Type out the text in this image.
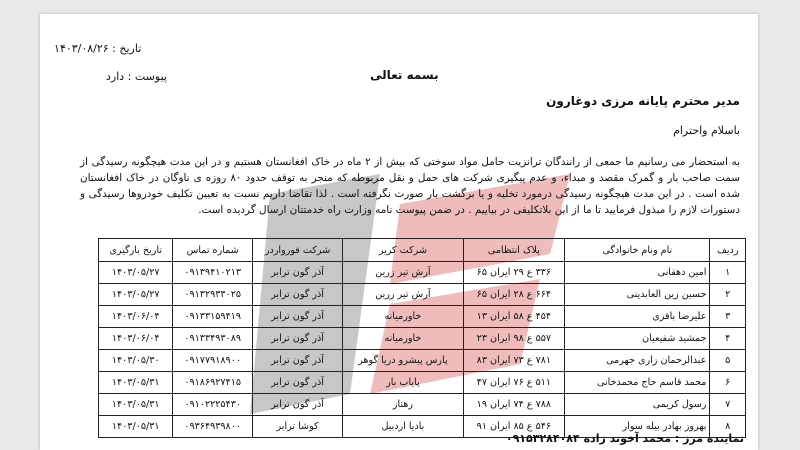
تاریخ : ۱۴۰۳/۰۸/۲۶
پیوست : دارد	بسمه تعالی
مدیر محترم پایانه مرزی دوغارون
باسلام واحترام
به استحضار می رسانیم ما جمعی از رانندگان ترانزیت حامل مواد سوختی که بیش از ۲ ماه در خاک افغانستان هستیم و در این مدت هیچگونه رسیدگی از سمت صاحب بار و گمرک مقصد و مبداء، و عدم پیگیری شرکت های حمل و نقل مربوطه که منجر به توقف حدود ۸۰ روزه ی ناوگان در خاک افغانستان شده است . در این مدت هیچگونه رسیدگی درمورد تخلیه و یا برگشت بار صورت نگرفته است . لذا تقاضا داریم نسبت به تعیین تکلیف خودروها رسیدگی و دستورات لازم را مبذول فرمایید تا ما از این بلاتکلیفی در بیاییم . در ضمن پیوست نامه وزارت راه خدمتتان ارسال گردیده است.
ردیف	نام ونام خانوادگی	پلاک انتظامی	شرکت کریر	شرکت فورواردر	شماره تماس	تاریخ بارگیری
۱	امین دهقانی	۳۳۶ ع ۲۹ ایران ۶۵	آرش تیر زرین	آذر گون ترابر	۰۹۱۳۹۴۱۰۲۱۳	۱۴۰۳/۰۵/۲۷
۲	حسین زین العابدینی	۶۶۴ ع ۲۸ ایران ۶۵	آرش تیر زرین	آذر گون ترابر	۰۹۱۳۲۹۳۳۰۲۵	۱۴۰۳/۰۵/۲۷
۳	علیرضا باقری	۴۵۴ ع ۵۸ ایران ۱۳	خاورمیانه	آذر گون ترابر	۰۹۱۳۳۱۵۹۴۱۹	۱۴۰۳/۰۶/۰۴
۴	جمشید شفیعیان	۵۵۷ ع ۹۸ ایران ۲۳	خاورمیانه	آذر گون ترابر	۰۹۱۳۳۴۹۳۰۸۹	۱۴۰۳/۰۶/۰۴
۵	عبدالرحمان زاری جهرمی	۷۸۱ ع ۷۳ ایران ۸۳	پارس پیشرو دریا گوهر	آذر گون ترابر	۰۹۱۷۷۹۱۸۹۰۰	۱۴۰۳/۰۵/۳۰
۶	محمد قاسم حاج محمدخانی	۵۱۱ ع ۷۶ ایران ۴۷	پایاب بار	آذر گون ترابر	۰۹۱۸۶۹۲۷۴۱۵	۱۴۰۳/۰۵/۳۱
۷	رسول کریمی	۷۸۸ ع ۷۴ ایران ۱۹	رهتاز	آذر گون ترابر	۰۹۱۰۲۲۲۵۴۳۰	۱۴۰۳/۰۵/۳۱
۸	بهروز بهادر بیله سوار	۵۴۶ ع ۸۵ ایران ۹۱	بادیا اردبیل	کوشا ترابر	۰۹۳۶۴۹۳۹۸۰۰	۱۴۰۳/۰۵/۳۱
نماینده مرز : محمد آخوند زاده ۰۹۱۵۳۲۸۴۰۸۴
